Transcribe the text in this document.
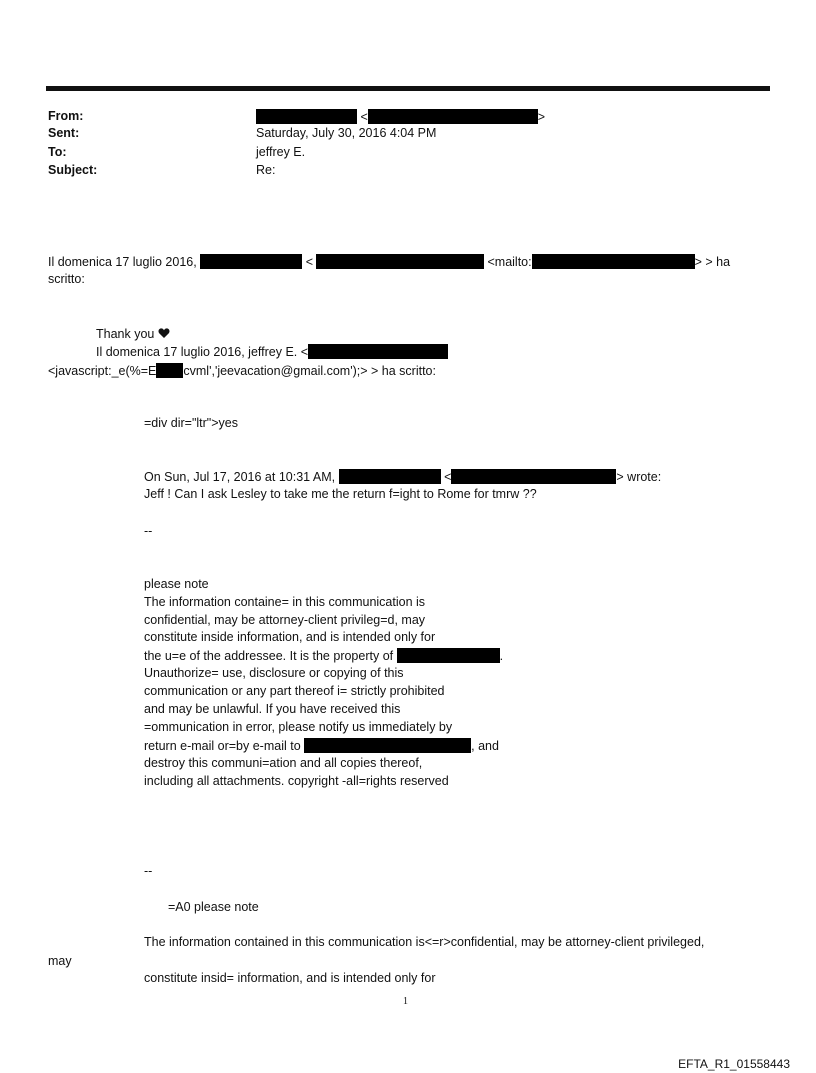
From:	<	>
Sent:	Saturday, July 30, 2016 4:04 PM
To:	jeffrey E.
Subject:	Re:
Il domenica 17 luglio 2016,	<	<mailto:	> > ha
scritto:
Thank you
Il domenica 17 luglio 2016, jeffrey E. <
<javascript:_e(%=E cvml','jeevacation@gmail.com');> > ha scritto:
=div dir="ltr">yes
On Sun, Jul 17, 2016 at 10:31 AM,	<	> wrote:
Jeff ! Can I ask Lesley to take me the return f=ight to Rome for tmrw ??
--
please note
The information containe= in this communication is
confidential, may be attorney-client privileg=d, may
constitute inside information, and is intended only for
the u=e of the addressee. It is the property of	.
Unauthorize= use, disclosure or copying of this
communication or any part thereof i= strictly prohibited
and may be unlawful. If you have received this
=ommunication in error, please notify us immediately by
return e-mail or=by e-mail to	, and
destroy this communi=ation and all copies thereof,
including all attachments. copyright -all=rights reserved
--
=A0 please note
The information contained in this communication is<=r>confidential, may be attorney-client privileged,
may
constitute insid= information, and is intended only for
1
EFTA_R1_01558443
